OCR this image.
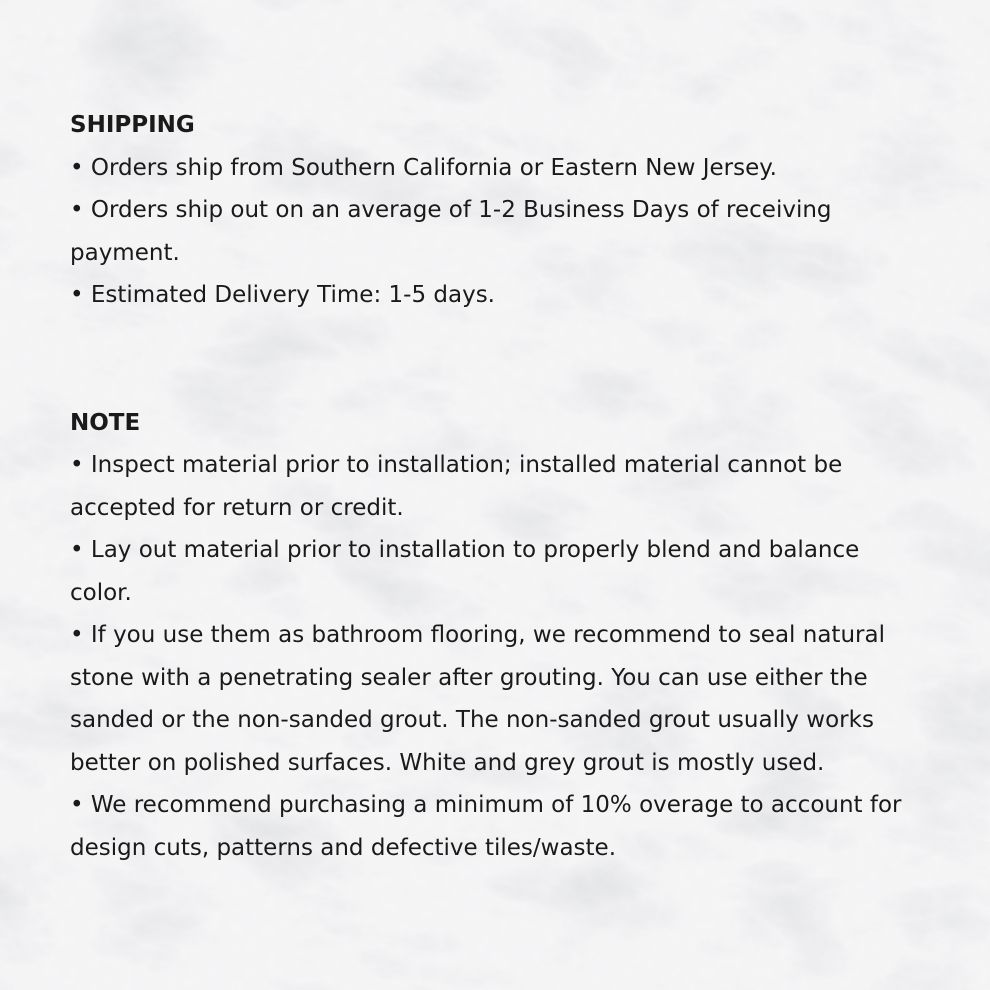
SHIPPING
• Orders ship from Southern California or Eastern New Jersey.
• Orders ship out on an average of 1-2 Business Days of receiving
payment.
• Estimated Delivery Time: 1-5 days.
NOTE
• Inspect material prior to installation; installed material cannot be
accepted for return or credit.
• Lay out material prior to installation to properly blend and balance
color.
• If you use them as bathroom flooring, we recommend to seal natural
stone with a penetrating sealer after grouting. You can use either the
sanded or the non-sanded grout. The non-sanded grout usually works
better on polished surfaces. White and grey grout is mostly used.
• We recommend purchasing a minimum of 10% overage to account for
design cuts, patterns and defective tiles/waste.
